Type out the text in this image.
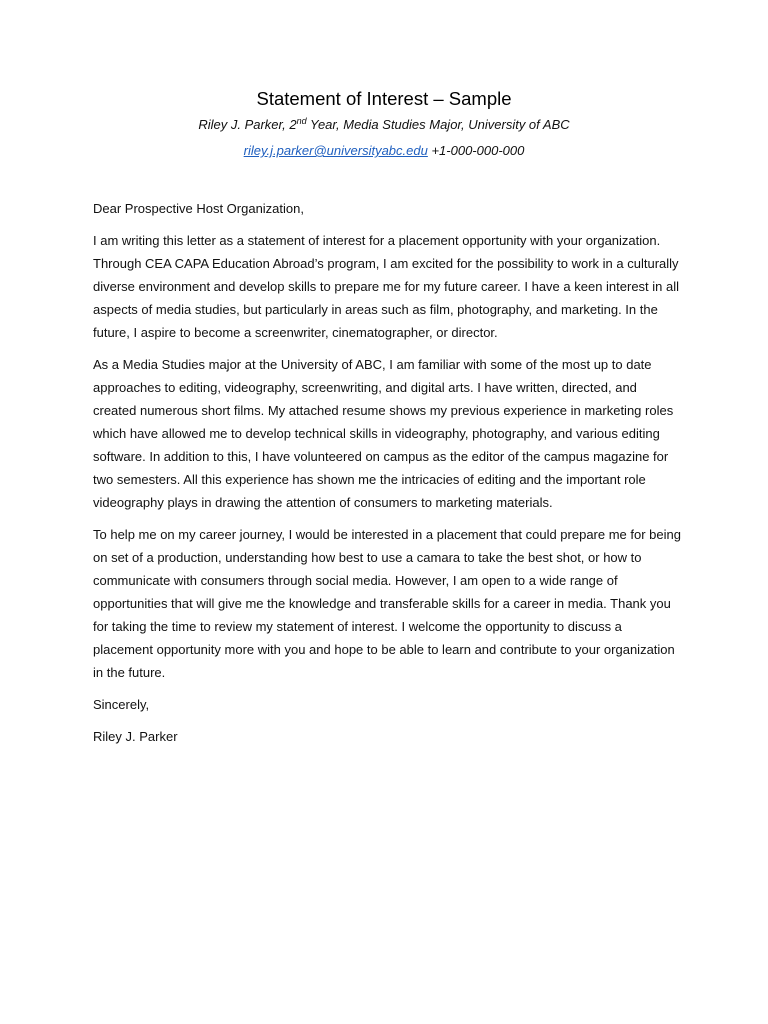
Statement of Interest – Sample
Riley J. Parker, 2nd Year, Media Studies Major, University of ABC
riley.j.parker@universityabc.edu +1-000-000-000

Dear Prospective Host Organization,

I am writing this letter as a statement of interest for a placement opportunity with your organization. Through CEA CAPA Education Abroad’s program, I am excited for the possibility to work in a culturally diverse environment and develop skills to prepare me for my future career. I have a keen interest in all aspects of media studies, but particularly in areas such as film, photography, and marketing. In the future, I aspire to become a screenwriter, cinematographer, or director.

As a Media Studies major at the University of ABC, I am familiar with some of the most up to date approaches to editing, videography, screenwriting, and digital arts. I have written, directed, and created numerous short films. My attached resume shows my previous experience in marketing roles which have allowed me to develop technical skills in videography, photography, and various editing software. In addition to this, I have volunteered on campus as the editor of the campus magazine for two semesters. All this experience has shown me the intricacies of editing and the important role videography plays in drawing the attention of consumers to marketing materials.

To help me on my career journey, I would be interested in a placement that could prepare me for being on set of a production, understanding how best to use a camara to take the best shot, or how to communicate with consumers through social media. However, I am open to a wide range of opportunities that will give me the knowledge and transferable skills for a career in media. Thank you for taking the time to review my statement of interest. I welcome the opportunity to discuss a placement opportunity more with you and hope to be able to learn and contribute to your organization in the future.

Sincerely,

Riley J. Parker
